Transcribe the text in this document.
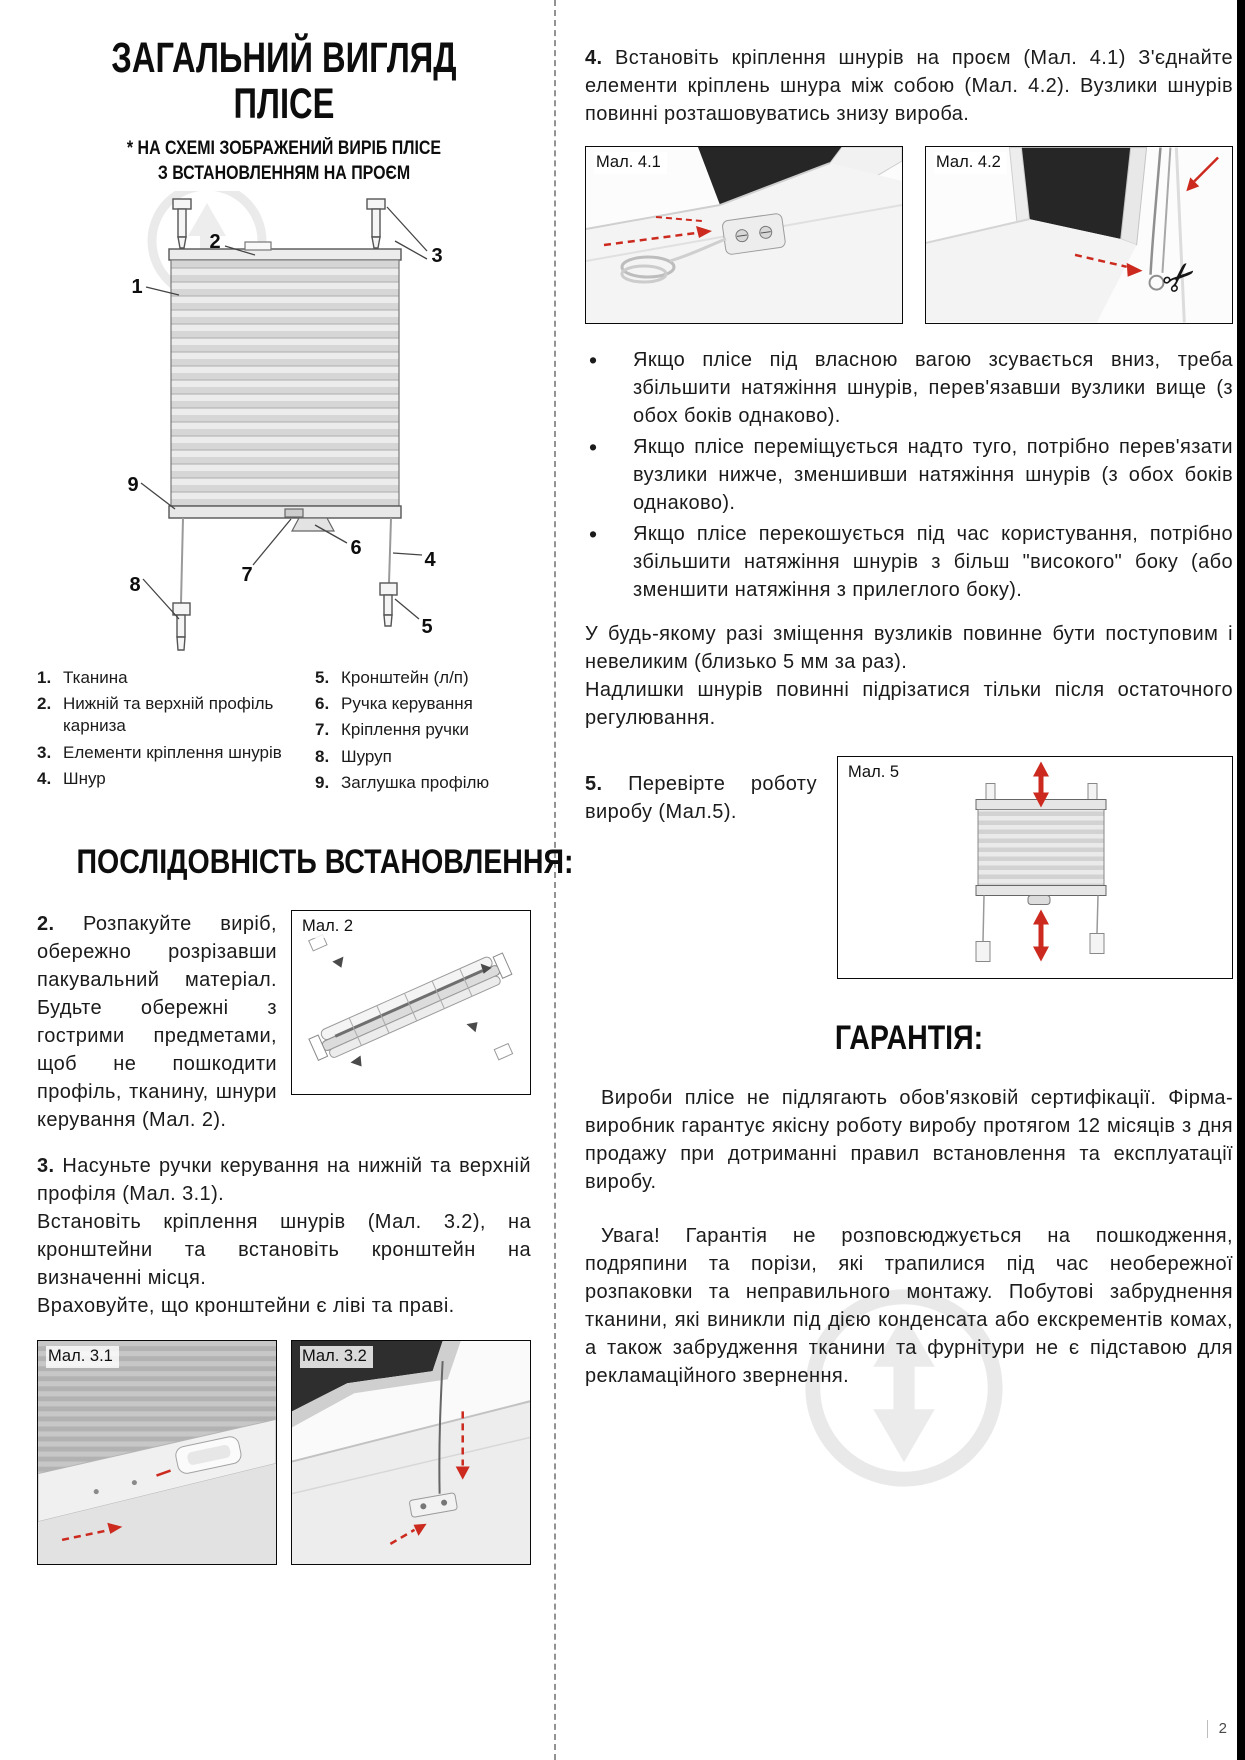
ЗАГАЛЬНИЙ ВИГЛЯД
ПЛІСЕ
* НА СХЕМІ ЗОБРАЖЕНИЙ ВИРІБ ПЛІСЕ
З ВСТАНОВЛЕННЯМ НА ПРОЄМ
1
2
3
4
5
6
7
8
9
1. Тканина
2. Нижній та верхній профіль карниза
3. Елементи кріплення шнурів
4. Шнур
5. Кронштейн (л/п)
6. Ручка керування
7. Кріплення ручки
8. Шуруп
9. Заглушка профілю
ПОСЛІДОВНІСТЬ ВСТАНОВЛЕННЯ:

2. Розпакуйте виріб, обережно розрізавши пакувальний матеріал. Будьте обережні з гострими предметами, щоб не пошкодити профіль, тканину, шнури керування (Мал. 2).

Мал. 2

3. Насуньте ручки керування на нижній та верхній профіля (Мал. 3.1).

Встановіть кріплення шнурів (Мал. 3.2), на кронштейни та встановіть кронштейн на визначенні місця.

Враховуйте, що кронштейни є ліві та праві.

Мал. 3.1	Мал. 3.2

4. Встановіть кріплення шнурів на проєм (Мал. 4.1) З'єднайте елементи кріплень шнура між собою (Мал. 4.2). Вузлики шнурів повинні розташовуватись знизу вироба.

Мал. 4.1
✂
Мал. 4.2
• Якщо плісе під власною вагою зсувається вниз, треба збільшити натяжіння шнурів, перев'язавши вузлики вище (з обох боків однаково).
• Якщо плісе переміщується надто туго, потрібно перев'язати вузлики нижче, зменшивши натяжіння шнурів (з обох боків однаково).
• Якщо плісе перекошується під час користування, потрібно збільшити натяжіння шнурів з більш "високого" боку (або зменшити натяжіння з прилеглого боку).

У будь-якому разі зміщення вузликів повинне бути поступовим і невеликим (близько 5 мм за раз).

Надлишки шнурів повинні підрізатися тільки після остаточного регулювання.

5. Перевірте роботу виробу (Мал.5).

Мал. 5
ГАРАНТІЯ:

Вироби плісе не підлягають обов'язковій сертифікації. Фірма-виробник гарантує якісну роботу виробу протягом 12 місяців з дня продажу при дотриманні правил встановлення та експлуатації виробу.

Увага! Гарантія не розповсюджується на пошкодження, подряпини та порізи, які трапилися під час необережної розпаковки та неправильного монтажу. Побутові забруднення тканини, які виникли під дією конденсата або екскрементів комах, а також забрудження тканини та фурнітури не є підставою для рекламаційного звернення.

2
